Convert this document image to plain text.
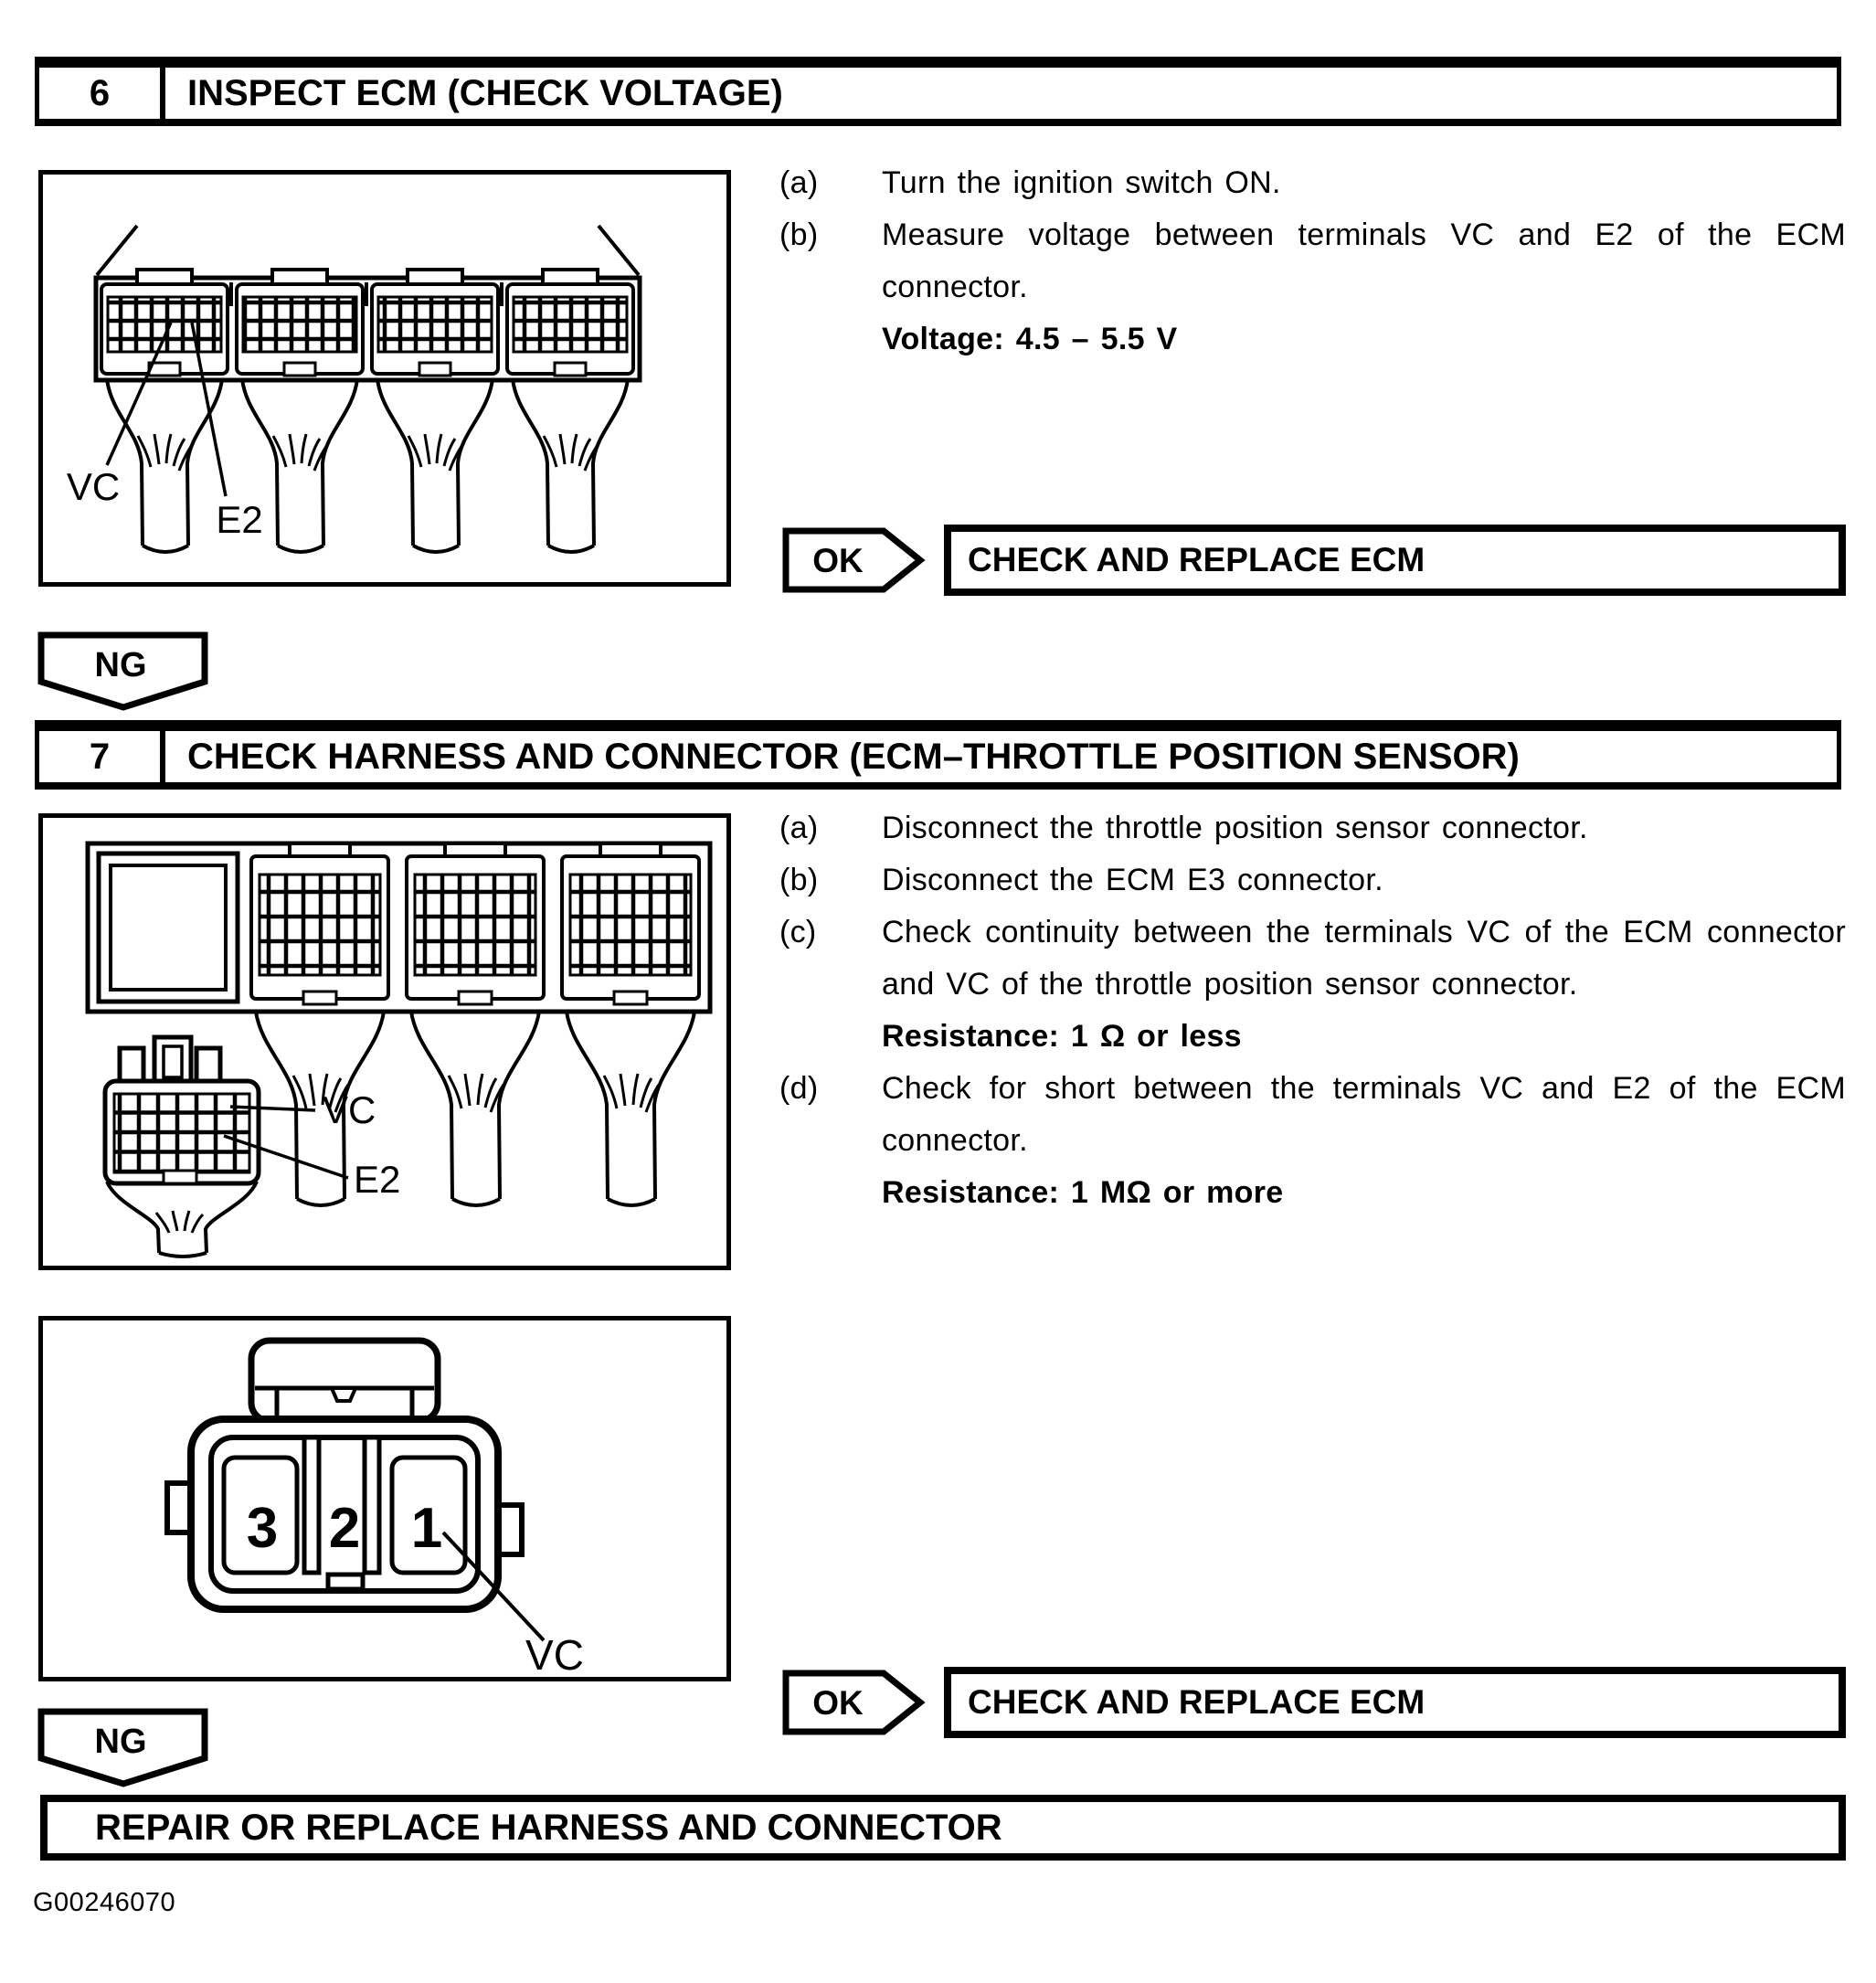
6	INSPECT ECM (CHECK VOLTAGE)
VC
E2
(a)	Turn the ignition switch ON.
(b)	Measure voltage between terminals VC and E2 of the ECM connector.
Voltage: 4.5 – 5.5 V
OK	CHECK AND REPLACE ECM
NG
7	CHECK HARNESS AND CONNECTOR (ECM–THROTTLE POSITION SENSOR)
VC
E2
(a)	Disconnect the throttle position sensor connector.
(b)	Disconnect the ECM E3 connector.
(c)	Check continuity between the terminals VC of the ECM connector and VC of the throttle position sensor connector.
Resistance: 1 Ω or less
(d)	Check for short between the terminals VC and E2 of the ECM connector.
Resistance: 1 MΩ or more
3 2 1
VC
OK	CHECK AND REPLACE ECM
NG
REPAIR OR REPLACE HARNESS AND CONNECTOR
G00246070
